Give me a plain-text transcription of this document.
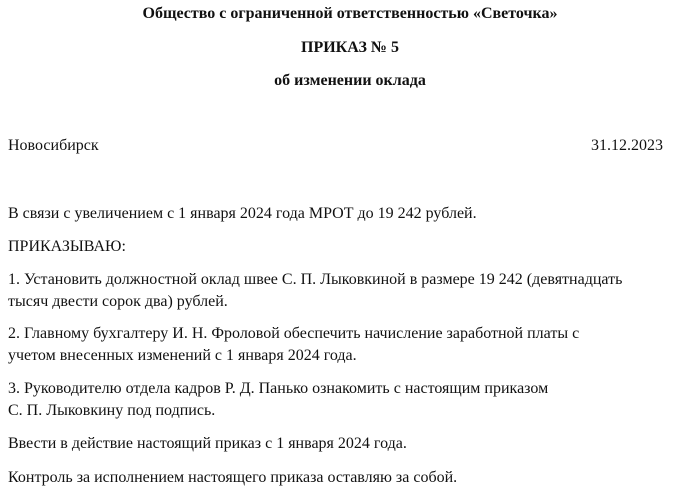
Общество с ограниченной ответственностью «Светочка»
ПРИКАЗ № 5
об изменении оклада
Новосибирск	31.12.2023
В связи с увеличением с 1 января 2024 года МРОТ до 19 242 рублей.
ПРИКАЗЫВАЮ:
1. Установить должностной оклад швее С. П. Лыковкиной в размере 19 242 (девятнадцать
тысяч двести сорок два) рублей.
2. Главному бухгалтеру И. Н. Фроловой обеспечить начисление заработной платы с
учетом внесенных изменений с 1 января 2024 года.
3. Руководителю отдела кадров Р. Д. Панько ознакомить с настоящим приказом
С. П. Лыковкину под подпись.
Ввести в действие настоящий приказ с 1 января 2024 года.
Контроль за исполнением настоящего приказа оставляю за собой.
